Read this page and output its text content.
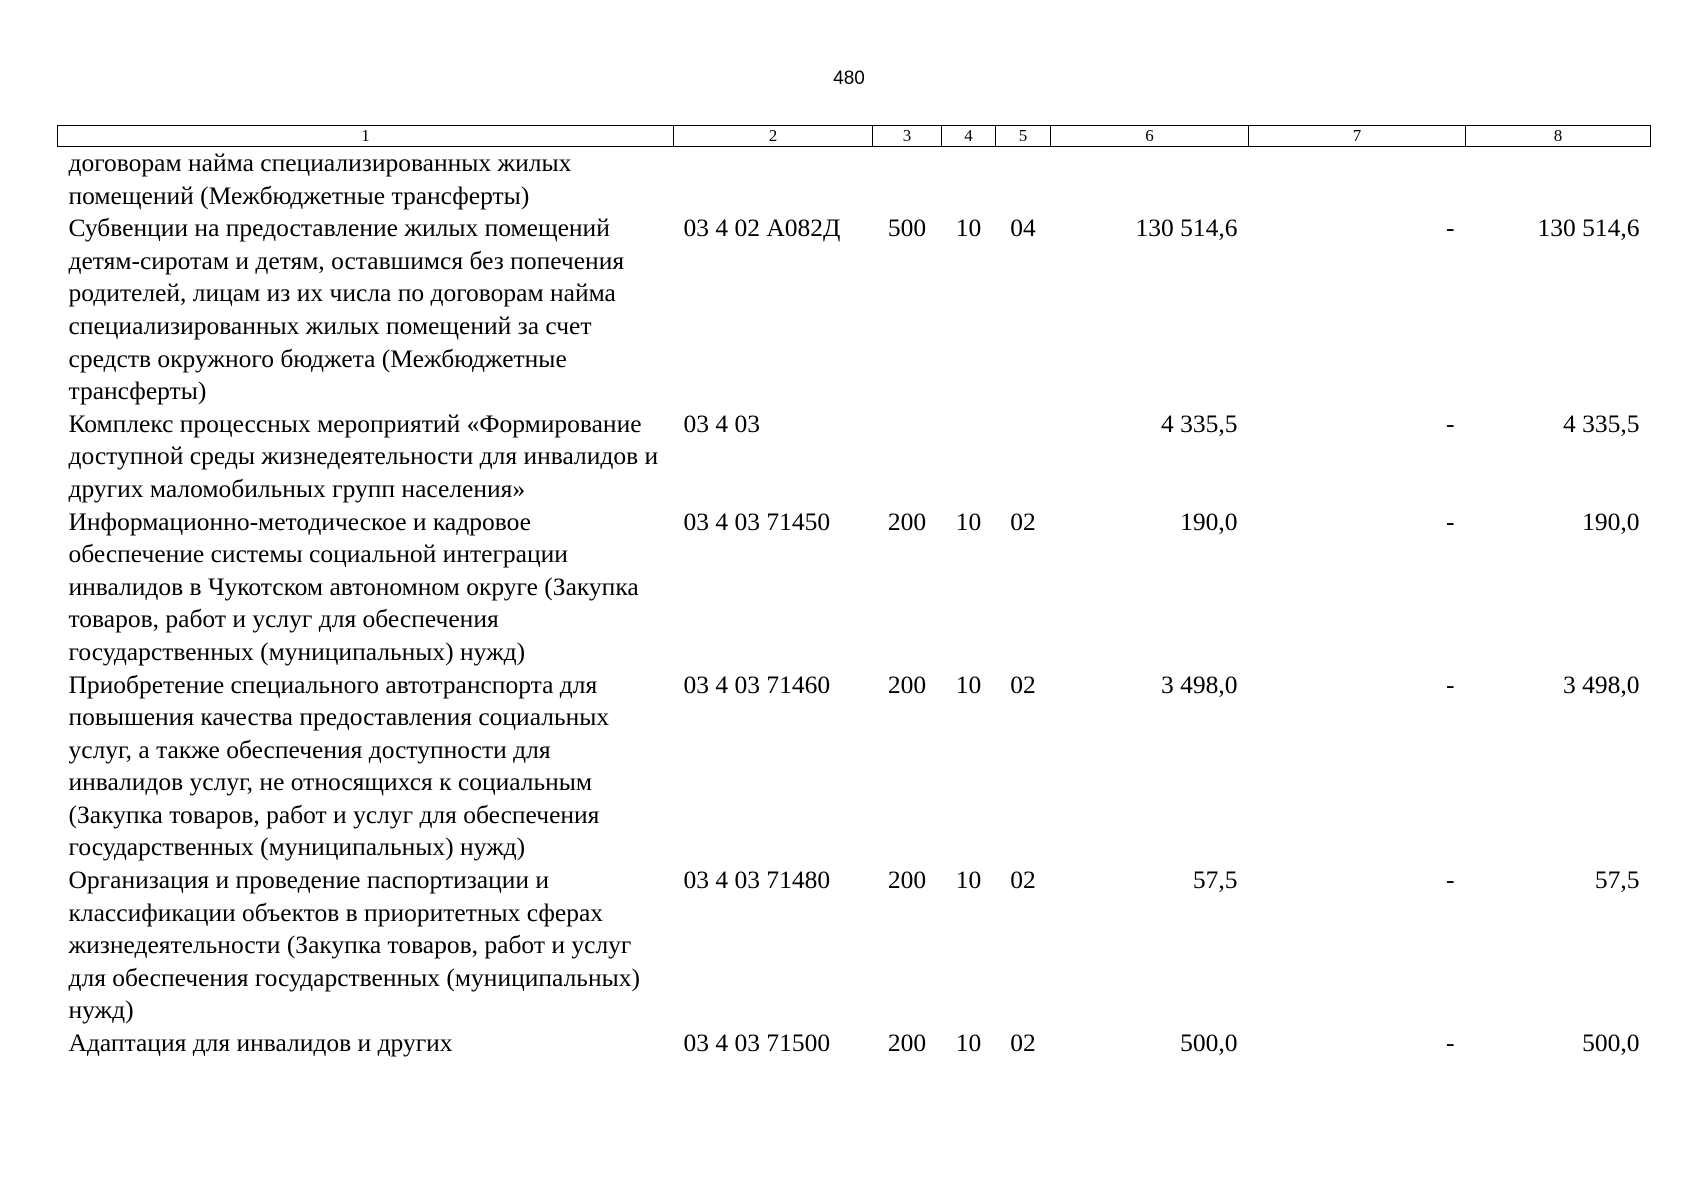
480
1	2	3	4	5	6	7	8
договорам найма специализированных жилых помещений (Межбюджетные трансферты)							
Субвенции на предоставление жилых помещений детям-сиротам и детям, оставшимся без попечения родителей, лицам из их числа по договорам найма специализированных жилых помещений за счет средств окружного бюджета (Межбюджетные трансферты)	03 4 02 А082Д	500	10	04	130 514,6	-	130 514,6
Комплекс процессных мероприятий «Формирование доступной среды жизнедеятельности для инвалидов и других маломобильных групп населения»	03 4 03				4 335,5	-	4 335,5
Информационно-методическое и кадровое обеспечение системы социальной интеграции инвалидов в Чукотском автономном округе (Закупка товаров, работ и услуг для обеспечения государственных (муниципальных) нужд)	03 4 03 71450	200	10	02	190,0	-	190,0
Приобретение специального автотранспорта для повышения качества предоставления социальных услуг, а также обеспечения доступности для инвалидов услуг, не относящихся к социальным (Закупка товаров, работ и услуг для обеспечения государственных (муниципальных) нужд)	03 4 03 71460	200	10	02	3 498,0	-	3 498,0
Организация и проведение паспортизации и классификации объектов в приоритетных сферах жизнедеятельности (Закупка товаров, работ и услуг для обеспечения государственных (муниципальных) нужд)	03 4 03 71480	200	10	02	57,5	-	57,5
Адаптация для инвалидов и других	03 4 03 71500	200	10	02	500,0	-	500,0
